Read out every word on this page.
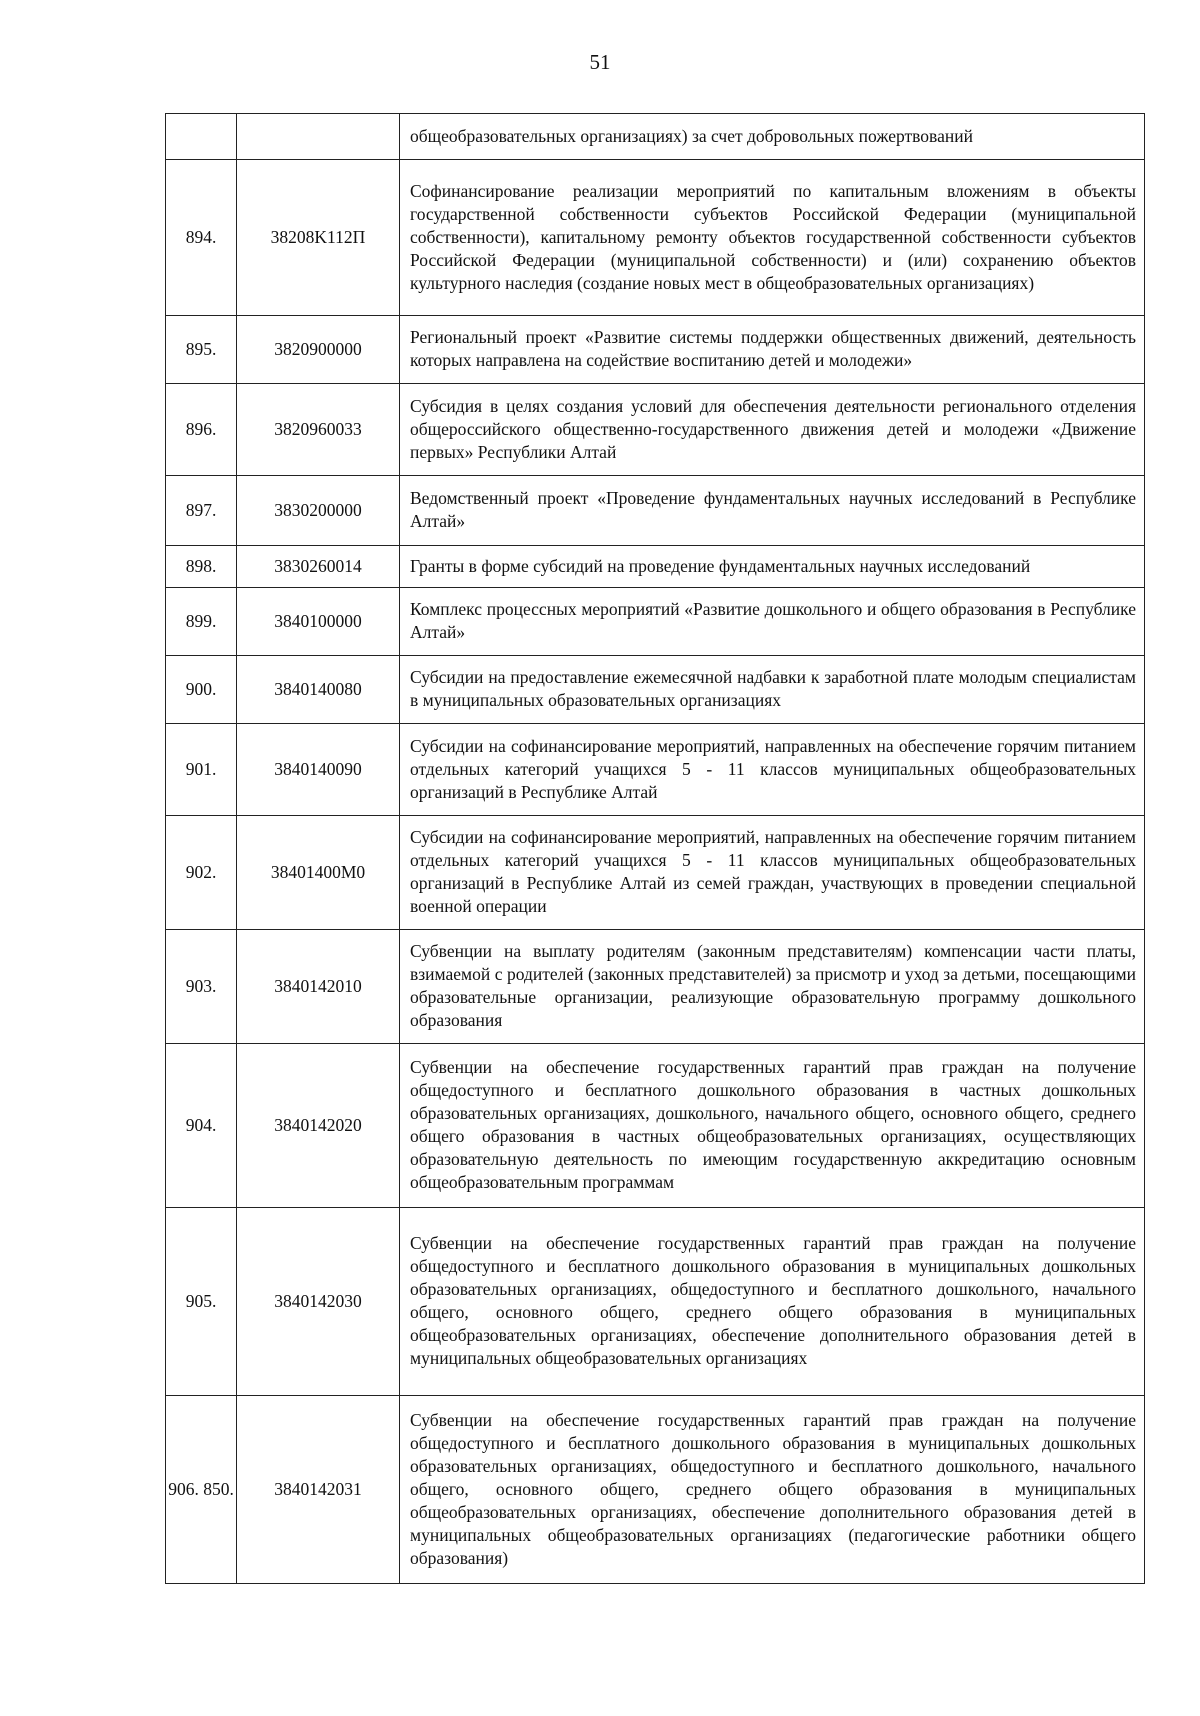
51
		общеобразовательных организациях) за счет добровольных пожертвований
894.	38208K112П	Софинансирование реализации мероприятий по капитальным вложениям в объекты государственной собственности субъектов Российской Федерации (муниципальной собственности), капитальному ремонту объектов государственной собственности субъектов Российской Федерации (муниципальной собственности) и (или) сохранению объектов культурного наследия (создание новых мест в общеобразовательных организациях)
895.	3820900000	Региональный проект «Развитие системы поддержки общественных движений, деятельность которых направлена на содействие воспитанию детей и молодежи»
896.	3820960033	Субсидия в целях создания условий для обеспечения деятельности регионального отделения общероссийского общественно-государственного движения детей и молодежи «Движение первых» Республики Алтай
897.	3830200000	Ведомственный проект «Проведение фундаментальных научных исследований в Республике Алтай»
898.	3830260014	Гранты в форме субсидий на проведение фундаментальных научных исследований
899.	3840100000	Комплекс процессных мероприятий «Развитие дошкольного и общего образования в Республике Алтай»
900.	3840140080	Субсидии на предоставление ежемесячной надбавки к заработной плате молодым специалистам в муниципальных образовательных организациях
901.	3840140090	Субсидии на софинансирование мероприятий, направленных на обеспечение горячим питанием отдельных категорий учащихся 5 - 11 классов муниципальных общеобразовательных организаций в Республике Алтай
902.	38401400M0	Субсидии на софинансирование мероприятий, направленных на обеспечение горячим питанием отдельных категорий учащихся 5 - 11 классов муниципальных общеобразовательных организаций в Республике Алтай из семей граждан, участвующих в проведении специальной военной операции
903.	3840142010	Субвенции на выплату родителям (законным представителям) компенсации части платы, взимаемой с родителей (законных представителей) за присмотр и уход за детьми, посещающими образовательные организации, реализующие образовательную программу дошкольного образования
904.	3840142020	Субвенции на обеспечение государственных гарантий прав граждан на получение общедоступного и бесплатного дошкольного образования в частных дошкольных образовательных организациях, дошкольного, начального общего, основного общего, среднего общего образования в частных общеобразовательных организациях, осуществляющих образовательную деятельность по имеющим государственную аккредитацию основным общеобразовательным программам
905.	3840142030	Субвенции на обеспечение государственных гарантий прав граждан на получение общедоступного и бесплатного дошкольного образования в муниципальных дошкольных образовательных организациях, общедоступного и бесплатного дошкольного, начального общего, основного общего, среднего общего образования в муниципальных общеобразовательных организациях, обеспечение дополнительного образования детей в муниципальных общеобразовательных организациях
906. 850.	3840142031	Субвенции на обеспечение государственных гарантий прав граждан на получение общедоступного и бесплатного дошкольного образования в муниципальных дошкольных образовательных организациях, общедоступного и бесплатного дошкольного, начального общего, основного общего, среднего общего образования в муниципальных общеобразовательных организациях, обеспечение дополнительного образования детей в муниципальных общеобразовательных организациях (педагогические работники общего образования)
